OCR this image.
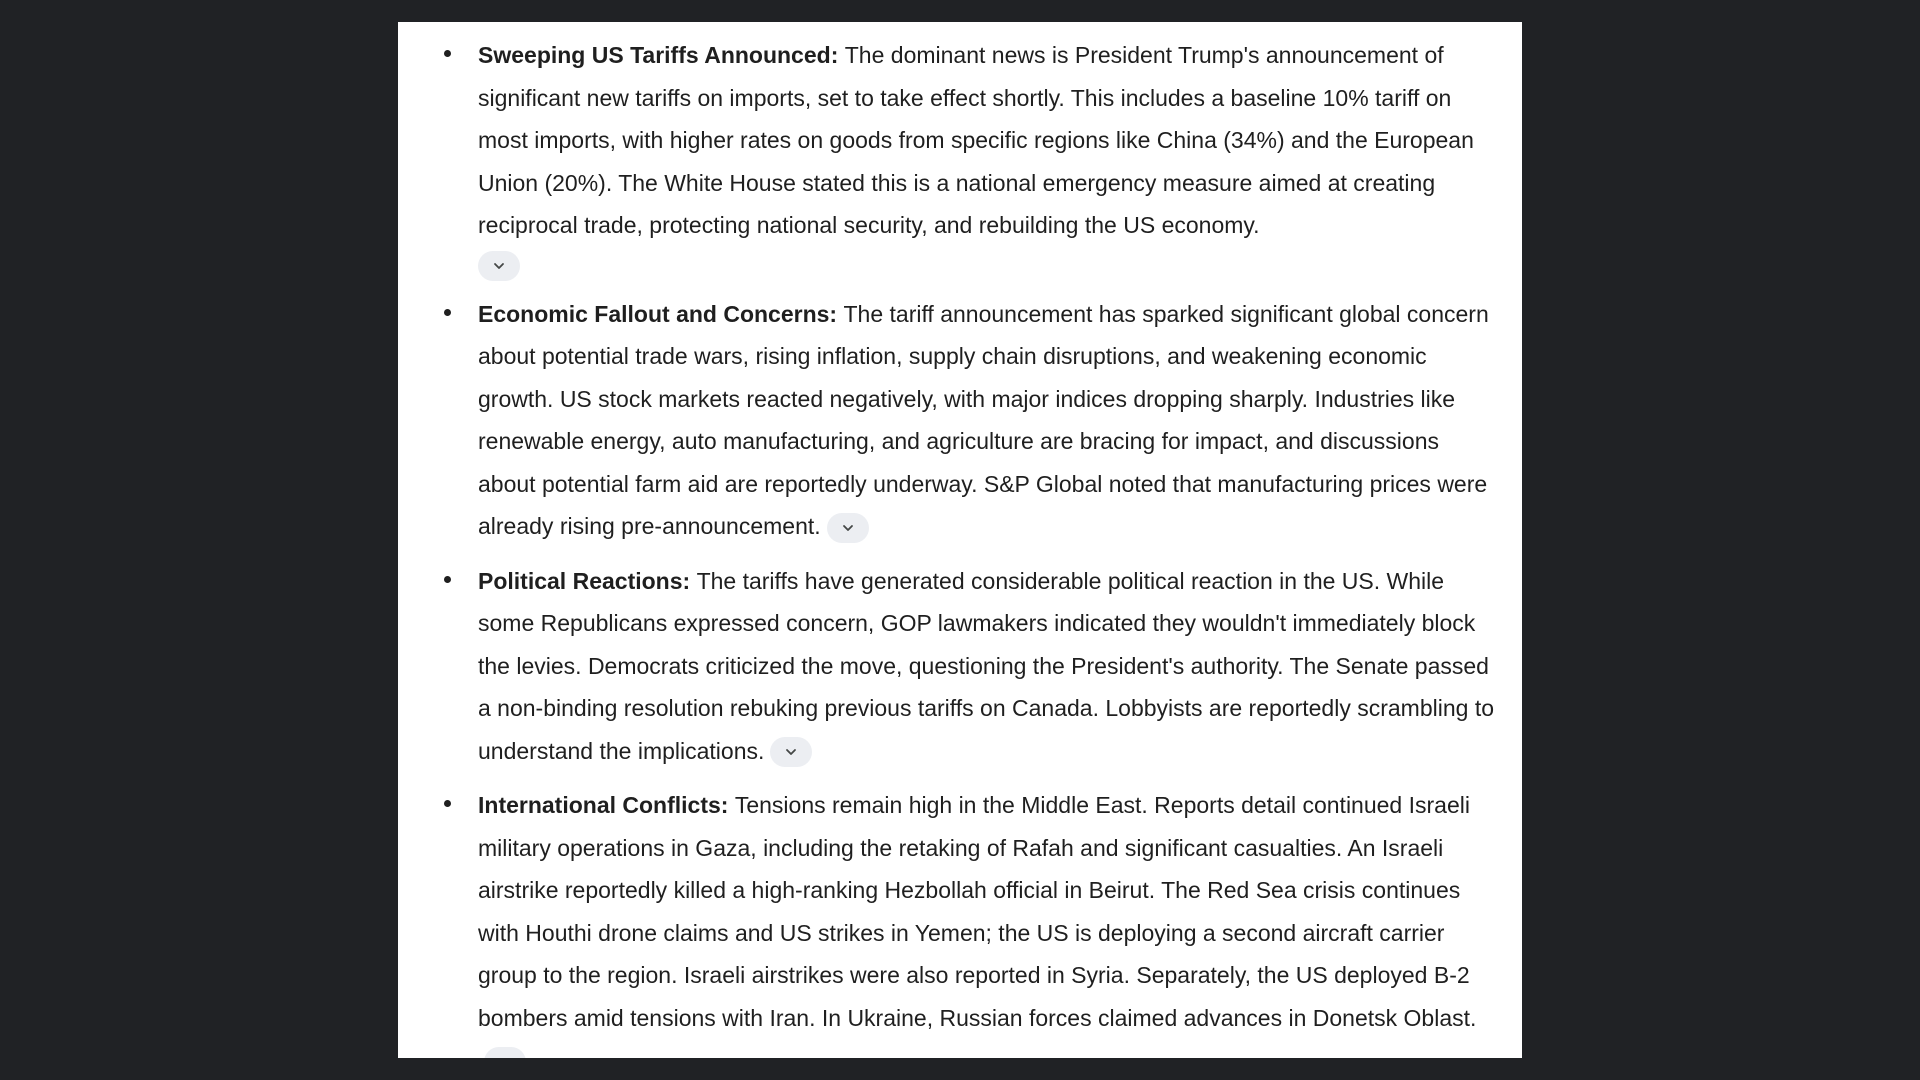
Sweeping US Tariffs Announced: The dominant news is President Trump's announcement of significant new tariffs on imports, set to take effect shortly. This includes a baseline 10% tariff on most imports, with higher rates on goods from specific regions like China (34%) and the European Union (20%). The White House stated this is a national emergency measure aimed at creating reciprocal trade, protecting national security, and rebuilding the US economy.
Economic Fallout and Concerns: The tariff announcement has sparked significant global concern about potential trade wars, rising inflation, supply chain disruptions, and weakening economic growth. US stock markets reacted negatively, with major indices dropping sharply. Industries like renewable energy, auto manufacturing, and agriculture are bracing for impact, and discussions about potential farm aid are reportedly underway. S&P Global noted that manufacturing prices were already rising pre-announcement.
Political Reactions: The tariffs have generated considerable political reaction in the US. While some Republicans expressed concern, GOP lawmakers indicated they wouldn't immediately block the levies. Democrats criticized the move, questioning the President's authority. The Senate passed a non-binding resolution rebuking previous tariffs on Canada. Lobbyists are reportedly scrambling to understand the implications.
International Conflicts: Tensions remain high in the Middle East. Reports detail continued Israeli military operations in Gaza, including the retaking of Rafah and significant casualties. An Israeli airstrike reportedly killed a high-ranking Hezbollah official in Beirut. The Red Sea crisis continues with Houthi drone claims and US strikes in Yemen; the US is deploying a second aircraft carrier group to the region. Israeli airstrikes were also reported in Syria. Separately, the US deployed B-2 bombers amid tensions with Iran. In Ukraine, Russian forces claimed advances in Donetsk Oblast.
